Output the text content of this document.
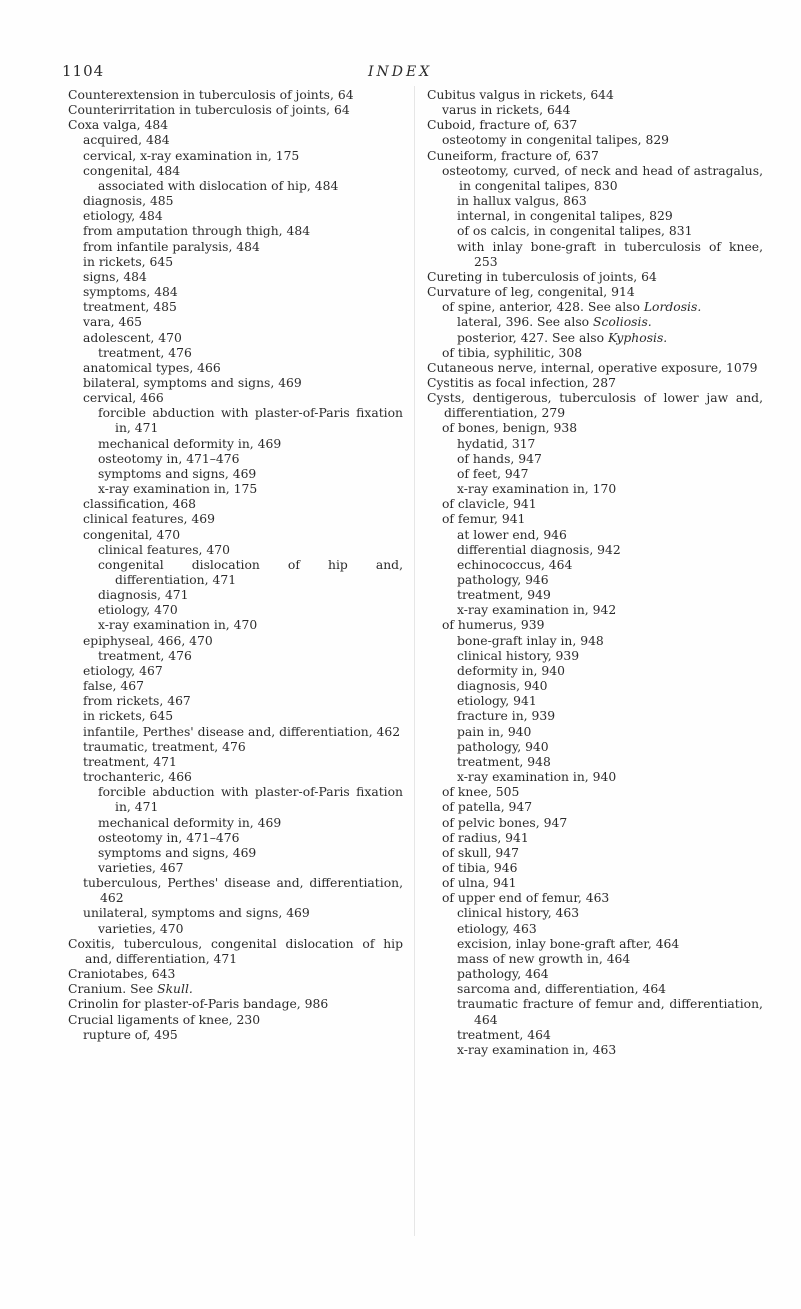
1104	INDEX
Counterextension in tuberculosis of joints, 64
Counterirritation in tuberculosis of joints, 64
Coxa valga, 484
acquired, 484
cervical, x-ray examination in, 175
congenital, 484
associated with dislocation of hip, 484
diagnosis, 485
etiology, 484
from amputation through thigh, 484
from infantile paralysis, 484
in rickets, 645
signs, 484
symptoms, 484
treatment, 485
vara, 465
adolescent, 470
treatment, 476
anatomical types, 466
bilateral, symptoms and signs, 469
cervical, 466
forcible abduction with plaster-of-Paris fixation in, 471
mechanical deformity in, 469
osteotomy in, 471–476
symptoms and signs, 469
x-ray examination in, 175
classification, 468
clinical features, 469
congenital, 470
clinical features, 470
congenital dislocation of hip and, differentiation, 471
diagnosis, 471
etiology, 470
x-ray examination in, 470
epiphyseal, 466, 470
treatment, 476
etiology, 467
false, 467
from rickets, 467
in rickets, 645
infantile, Perthes' disease and, differentiation, 462
traumatic, treatment, 476
treatment, 471
trochanteric, 466
forcible abduction with plaster-of-Paris fixation in, 471
mechanical deformity in, 469
osteotomy in, 471–476
symptoms and signs, 469
varieties, 467
tuberculous, Perthes' disease and, differentiation, 462
unilateral, symptoms and signs, 469
varieties, 470
Coxitis, tuberculous, congenital dislocation of hip and, differentiation, 471
Craniotabes, 643
Cranium. See Skull.
Crinolin for plaster-of-Paris bandage, 986
Crucial ligaments of knee, 230
rupture of, 495
Cubitus valgus in rickets, 644
varus in rickets, 644
Cuboid, fracture of, 637
osteotomy in congenital talipes, 829
Cuneiform, fracture of, 637
osteotomy, curved, of neck and head of astragalus, in congenital talipes, 830
in hallux valgus, 863
internal, in congenital talipes, 829
of os calcis, in congenital talipes, 831
with inlay bone-graft in tuberculosis of knee, 253
Cureting in tuberculosis of joints, 64
Curvature of leg, congenital, 914
of spine, anterior, 428. See also Lordosis.
lateral, 396. See also Scoliosis.
posterior, 427. See also Kyphosis.
of tibia, syphilitic, 308
Cutaneous nerve, internal, operative exposure, 1079
Cystitis as focal infection, 287
Cysts, dentigerous, tuberculosis of lower jaw and, differentiation, 279
of bones, benign, 938
hydatid, 317
of hands, 947
of feet, 947
x-ray examination in, 170
of clavicle, 941
of femur, 941
at lower end, 946
differential diagnosis, 942
echinococcus, 464
pathology, 946
treatment, 949
x-ray examination in, 942
of humerus, 939
bone-graft inlay in, 948
clinical history, 939
deformity in, 940
diagnosis, 940
etiology, 941
fracture in, 939
pain in, 940
pathology, 940
treatment, 948
x-ray examination in, 940
of knee, 505
of patella, 947
of pelvic bones, 947
of radius, 941
of skull, 947
of tibia, 946
of ulna, 941
of upper end of femur, 463
clinical history, 463
etiology, 463
excision, inlay bone-graft after, 464
mass of new growth in, 464
pathology, 464
sarcoma and, differentiation, 464
traumatic fracture of femur and, differentiation, 464
treatment, 464
x-ray examination in, 463
